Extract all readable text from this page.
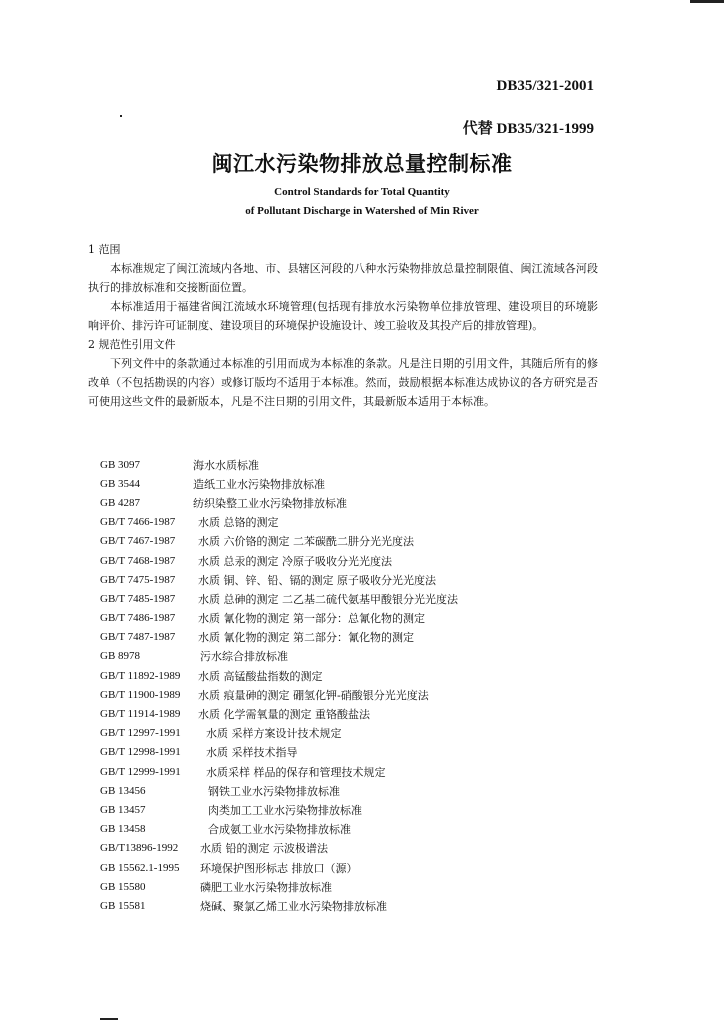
DB35/321-2001
代替 DB35/321-1999
闽江水污染物排放总量控制标准
Control Standards for Total Quantity
of Pollutant Discharge in Watershed of Min River

1 范围

本标准规定了闽江流域内各地、市、县辖区河段的八种水污染物排放总量控制限值、闽江流域各河段执行的排放标准和交接断面位置。

本标准适用于福建省闽江流域水环境管理(包括现有排放水污染物单位排放管理、建设项目的环境影响评价、排污许可证制度、建设项目的环境保护设施设计、竣工验收及其投产后的排放管理)。

2 规范性引用文件

下列文件中的条款通过本标准的引用而成为本标准的条款。凡是注日期的引用文件，其随后所有的修改单（不包括勘误的内容）或修订版均不适用于本标准。然而，鼓励根据本标准达成协议的各方研究是否可使用这些文件的最新版本，凡是不注日期的引用文件，其最新版本适用于本标准。

GB 3097	海水水质标准
GB 3544	造纸工业水污染物排放标准
GB 4287	纺织染整工业水污染物排放标准
GB/T 7466-1987	水质 总铬的测定
GB/T 7467-1987	水质 六价铬的测定 二苯碳酰二肼分光光度法
GB/T 7468-1987	水质 总汞的测定 冷原子吸收分光光度法
GB/T 7475-1987	水质 铜、锌、铅、镉的测定 原子吸收分光光度法
GB/T 7485-1987	水质 总砷的测定 二乙基二硫代氨基甲酸银分光光度法
GB/T 7486-1987	水质 氰化物的测定 第一部分：总氰化物的测定
GB/T 7487-1987	水质 氰化物的测定 第二部分：氰化物的测定
GB 8978	污水综合排放标准
GB/T 11892-1989	水质 高锰酸盐指数的测定
GB/T 11900-1989	水质 痕量砷的测定 硼氢化钾-硝酸银分光光度法
GB/T 11914-1989	水质 化学需氧量的测定 重铬酸盐法
GB/T 12997-1991	水质 采样方案设计技术规定
GB/T 12998-1991	水质 采样技术指导
GB/T 12999-1991	水质采样 样品的保存和管理技术规定
GB 13456	钢铁工业水污染物排放标准
GB 13457	肉类加工工业水污染物排放标准
GB 13458	合成氨工业水污染物排放标准
GB/T13896-1992	水质 铅的测定 示波极谱法
GB 15562.1-1995	环境保护图形标志 排放口（源）
GB 15580	磷肥工业水污染物排放标准
GB 15581	烧碱、聚氯乙烯工业水污染物排放标准
